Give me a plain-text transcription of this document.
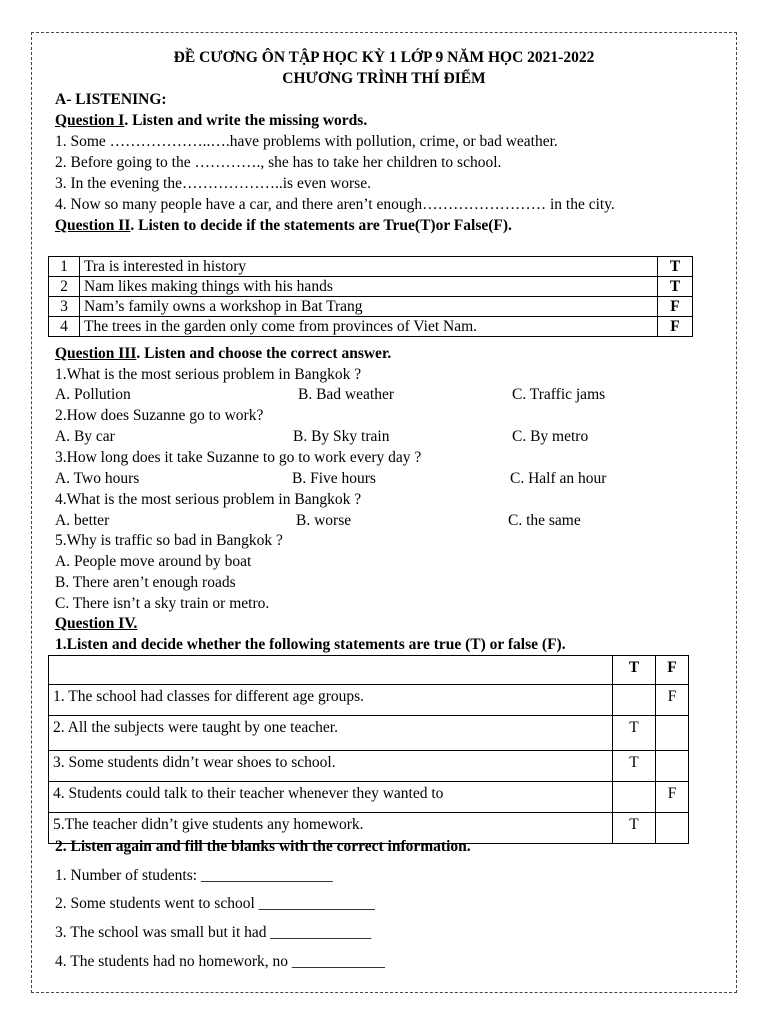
ĐỀ CƯƠNG ÔN TẬP HỌC KỲ 1 LỚP 9 NĂM HỌC 2021-2022
CHƯƠNG TRÌNH THÍ ĐIỂM
A- LISTENING:
Question I. Listen and write the missing words.
1. Some ………………..….have problems with pollution, crime, or bad weather.
2. Before going to the …………., she has to take her children to school.
3. In the evening the………………..is even worse.
4. Now so many people have a car, and there aren’t enough…………………… in the city.
Question II. Listen to decide if the statements are True(T)or False(F).
1	Tra is interested in history	T
2	Nam likes making things with his hands	T
3	Nam’s family owns a workshop in Bat Trang	F
4	The trees in the garden only come from provinces of Viet Nam.	F
Question III. Listen and choose the correct answer.
1.What is the most serious problem in Bangkok ?
A. Pollution	B. Bad weather	C. Traffic jams
2.How does Suzanne go to work?
A. By car	B. By Sky train	C. By metro
3.How long does it take Suzanne to go to work every day ?
A. Two hours	B. Five hours	C. Half an hour
4.What is the most serious problem in Bangkok ?
A. better	B. worse	C. the same
5.Why is traffic so bad in Bangkok ?
A. People move around by boat
B. There aren’t enough roads
C. There isn’t a sky train or metro.
Question IV.
1.Listen and decide whether the following statements are true (T) or false (F).
	T	F
1. The school had classes for different age groups.		F
2. All the subjects were taught by one teacher.	T	
3. Some students didn’t wear shoes to school.	T	
4. Students could talk to their teacher whenever they wanted to		F
5.The teacher didn’t give students any homework.	T	
2. Listen again and fill the blanks with the correct information.
1. Number of students: _________________
2. Some students went to school _______________
3. The school was small but it had _____________
4. The students had no homework, no ____________
